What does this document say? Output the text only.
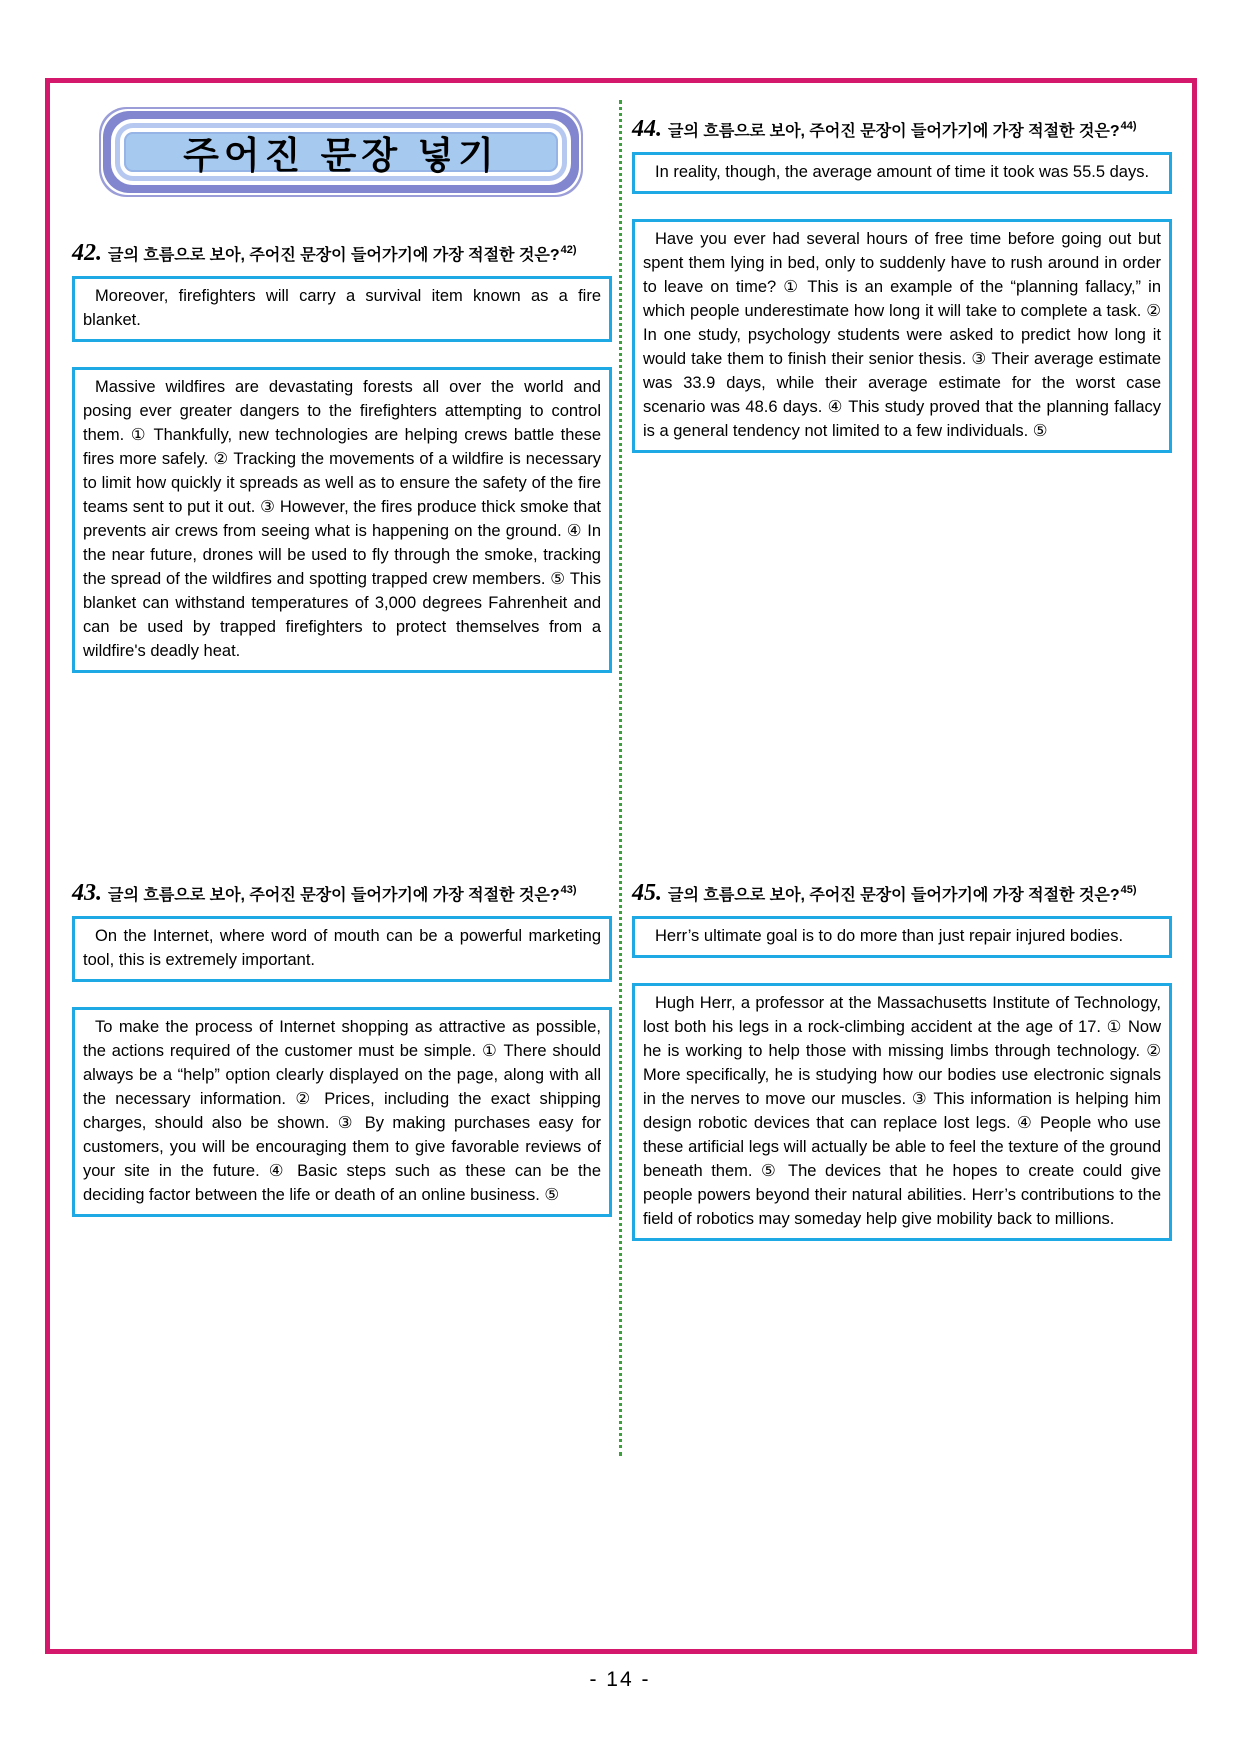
주어진 문장 넣기
42. 글의 흐름으로 보아, 주어진 문장이 들어가기에 가장 적절한 것은?$^{42)}$

Moreover, firefighters will carry a survival item known as a fire blanket.

Massive wildfires are devastating forests all over the world and posing ever greater dangers to the firefighters attempting to control them. ① Thankfully, new technologies are helping crews battle these fires more safely. ② Tracking the movements of a wildfire is necessary to limit how quickly it spreads as well as to ensure the safety of the fire teams sent to put it out. ③ However, the fires produce thick smoke that prevents air crews from seeing what is happening on the ground. ④ In the near future, drones will be used to fly through the smoke, tracking the spread of the wildfires and spotting trapped crew members. ⑤ This blanket can withstand temperatures of 3,000 degrees Fahrenheit and can be used by trapped firefighters to protect themselves from a wildfire's deadly heat.

43. 글의 흐름으로 보아, 주어진 문장이 들어가기에 가장 적절한 것은?$^{43)}$

On the Internet, where word of mouth can be a powerful marketing tool, this is extremely important.

To make the process of Internet shopping as attractive as possible, the actions required of the customer must be simple. ① There should always be a “help” option clearly displayed on the page, along with all the necessary information. ② Prices, including the exact shipping charges, should also be shown. ③ By making purchases easy for customers, you will be encouraging them to give favorable reviews of your site in the future. ④ Basic steps such as these can be the deciding factor between the life or death of an online business. ⑤

44. 글의 흐름으로 보아, 주어진 문장이 들어가기에 가장 적절한 것은?$^{44)}$

In reality, though, the average amount of time it took was 55.5 days.

Have you ever had several hours of free time before going out but spent them lying in bed, only to suddenly have to rush around in order to leave on time? ① This is an example of the “planning fallacy,” in which people underestimate how long it will take to complete a task. ② In one study, psychology students were asked to predict how long it would take them to finish their senior thesis. ③ Their average estimate was 33.9 days, while their average estimate for the worst case scenario was 48.6 days. ④ This study proved that the planning fallacy is a general tendency not limited to a few individuals. ⑤

45. 글의 흐름으로 보아, 주어진 문장이 들어가기에 가장 적절한 것은?$^{45)}$

Herr’s ultimate goal is to do more than just repair injured bodies.

Hugh Herr, a professor at the Massachusetts Institute of Technology, lost both his legs in a rock-climbing accident at the age of 17. ① Now he is working to help those with missing limbs through technology. ② More specifically, he is studying how our bodies use electronic signals in the nerves to move our muscles. ③ This information is helping him design robotic devices that can replace lost legs. ④ People who use these artificial legs will actually be able to feel the texture of the ground beneath them. ⑤ The devices that he hopes to create could give people powers beyond their natural abilities. Herr’s contributions to the field of robotics may someday help give mobility back to millions.

- 14 -
